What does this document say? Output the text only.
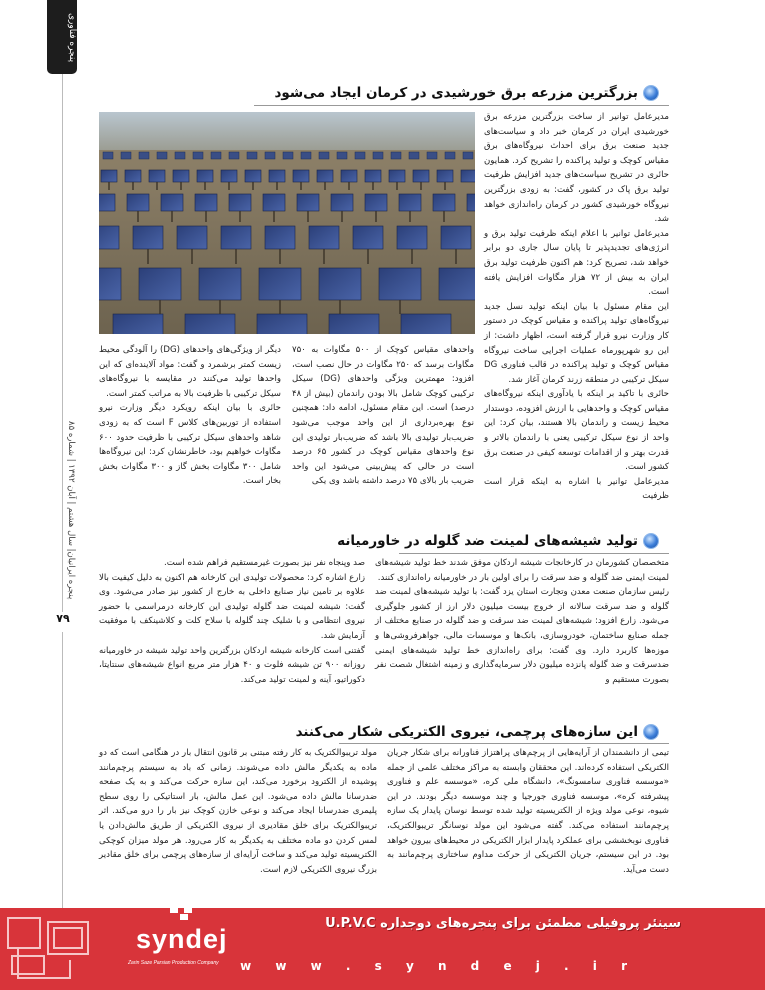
پنجره فناوری
پنجره ایرانیان| سال هشتم | آبان ۱۳۹۲ | شماره ۸۵
۷۹
بزرگترین مزرعه برق خورشیدی در کرمان ایجاد می‌شود

مدیرعامل توانیر از ساخت بزرگترین مزرعه برق خورشیدی ایران در کرمان خبر داد و سیاست‌های جدید صنعت برق برای احداث نیروگاه‌های برق مقیاس کوچک و تولید پراکنده را تشریح کرد. همایون حائری در تشریح سیاست‌های جدید افزایش ظرفیت تولید برق پاک در کشور، گفت: به زودی بزرگترین نیروگاه خورشیدی کشور در کرمان راه‌اندازی خواهد شد.

مدیرعامل توانیر با اعلام اینکه ظرفیت تولید برق و انرژی‌های تجدیدپذیر تا پایان سال جاری دو برابر خواهد شد، تصریح کرد: هم اکنون ظرفیت تولید برق ایران به بیش از ۷۲ هزار مگاوات افزایش یافته است.

این مقام مسئول با بیان اینکه تولید نسل جدید نیروگاه‌های تولید پراکنده و مقیاس کوچک در دستور کار وزارت نیرو قرار گرفته است، اظهار داشت: از این رو شهرپورماه عملیات اجرایی ساخت نیروگاه مقیاس کوچک و تولید پراکنده در قالب فناوری DG سیکل ترکیبی در منطقه زرند کرمان آغاز شد.

حائری با تاکید بر اینکه با یادآوری اینکه نیروگاه‌های مقیاس کوچک و واحدهایی با ارزش افزوده، دوستدار محیط زیست و راندمان بالا هستند، بیان کرد: این واحد از نوع سیکل ترکیبی یعنی با راندمان بالاتر و قدرت بهتر و از اقدامات توسعه کیفی در صنعت برق کشور است.

مدیرعامل توانیر با اشاره به اینکه قرار است ظرفیت

واحدهای مقیاس کوچک از ۵۰۰ مگاوات به ۷۵۰ مگاوات برسد که ۲۵۰ مگاوات در حال نصب است، افزود: مهمترین ویژگی واحدهای (DG) سیکل ترکیبی کوچک شامل بالا بودن راندمان (بیش از ۴۸ درصد) است. این مقام مسئول، ادامه داد: همچنین نوع بهره‌برداری از این واحد موجب می‌شود ضریب‌بار تولیدی بالا باشد که ضریب‌بار تولیدی این نوع واحدهای مقیاس کوچک در کشور ۶۵ درصد است در حالی که پیش‌بینی می‌شود این واحد ضریب بار بالای ۷۵ درصد داشته باشد وی یکی

دیگر از ویژگی‌های واحدهای (DG) را آلودگی محیط زیست کمتر برشمرد و گفت: مواد آلاینده‌ای که این واحدها تولید می‌کنند در مقایسه با نیروگاه‌های سیکل ترکیبی با ظرفیت بالا به مراتب کمتر است.

حائری با بیان اینکه رویکرد دیگر وزارت نیرو استفاده از توربین‌های کلاس F است که به زودی شاهد واحدهای سیکل ترکیبی با ظرفیت حدود ۶۰۰ مگاوات خواهیم بود، خاطرنشان کرد: این نیروگاه‌ها شامل ۳۰۰ مگاوات بخش گاز و ۳۰۰ مگاوات بخش بخار است.

تولید شیشه‌های لمینت ضد گلوله در خاورمیانه

متخصصان کشورمان در کارخانجات شیشه اردکان موفق شدند خط تولید شیشه‌های لمینت ایمنی ضد گلوله و ضد سرقت را برای اولین بار در خاورمیانه راه‌اندازی کنند.

رئیس سازمان صنعت معدن وتجارت استان یزد گفت: با تولید شیشه‌های لمینت ضد گلوله و ضد سرقت سالانه از خروج بیست میلیون دلار ارز از کشور جلوگیری می‌شود. زارع افزود: شیشه‌های لمینت ضد سرقت و ضد گلوله در صنایع مختلف از جمله صنایع ساختمان، خودروسازی، بانک‌ها و موسسات مالی، جواهرفروشی‌ها و موزه‌ها کاربرد دارد. وی گفت: برای راه‌اندازی خط تولید شیشه‌های ایمنی ضدسرقت و ضد گلوله پانزده میلیون دلار سرمایه‌گذاری و زمینه اشتغال شصت نفر بصورت مستقیم و

صد وپنجاه نفر نیز بصورت غیرمستقیم فراهم شده است.

زارع اشاره کرد: محصولات تولیدی این کارخانه هم اکنون به دلیل کیفیت بالا علاوه بر تامین نیاز صنایع داخلی به خارج از کشور نیز صادر می‌شود. وی گفت: شیشه لمینت ضد گلوله تولیدی این کارخانه درمراسمی با حضور نیروی انتظامی و با شلیک چند گلوله با سلاح کلت و کلاشینکف با موفقیت آزمایش شد.

گفتنی است کارخانه شیشه اردکان بزرگترین واحد تولید شیشه در خاورمیانه روزانه ۹۰۰ تن شیشه فلوت و ۴۰ هزار متر مربع انواع شیشه‌های سنتایتا، دکوراتیو، آینه و لمینت تولید می‌کند.

این سازه‌های پرچمی، نیروی الکتریکی شکار می‌کنند

تیمی از دانشمندان از آرایه‌هایی از پرچم‌های پراهتزاز فناورانه برای شکار جریان الکتریکی استفاده کرده‌اند. این محققان وابسته به مراکز مختلف علمی از جمله «موسسه فناوری سامسونگ»، دانشگاه ملی کره، «موسسه علم و فناوری پیشرفته کره»، موسسه فناوری جورجیا و چند موسسه دیگر بودند. در این شیوه، نوعی مولد ویژه از الکتریسیته تولید شده توسط نوسان پایدار یک سازه پرچم‌مانند استفاده می‌کند. گفته می‌شود این مولد نوسانگر تریبوالکتریک، فناوری نوبخششی برای عملکرد پایدار ابزار الکتریکی در محیط‌های بیرون خواهد بود. در این سیستم، جریان الکتریکی از حرکت مداوم ساختاری پرچم‌مانند به دست می‌آید.

مولد تریبوالکتریک به کار رفته مبتنی بر قانون انتقال بار در هنگامی است که دو ماده به یکدیگر مالش داده می‌شوند. زمانی که باد به سیستم پرچم‌مانند پوشیده از الکترود برخورد می‌کند، این سازه حرکت می‌کند و به یک صفحه ضدرسانا مالش داده می‌شود. این عمل مالش، بار استاتیکی را روی سطح پلیمری ضدرسانا ایجاد می‌کند و نوعی خازن کوچک نیز بار را درو می‌کند. اثر تریبوالکتریک برای خلق مقادیری از نیروی الکتریکی از طریق مالش‌دادن یا لمس کردن دو ماده مختلف به یکدیگر به کار می‌رود. هر مولد میزان کوچکی الکتریسیته تولید می‌کند و ساخت آرایه‌ای از سازه‌های پرچمی برای خلق مقادیر بزرگ نیروی الکتریکی لازم است.

syndej
Zarin Saze Parsian Production Company
سینئر پروفیلی مطمئن برای پنجره‌های دوجداره U.P.V.C
w w w . s y n d e j . i r
